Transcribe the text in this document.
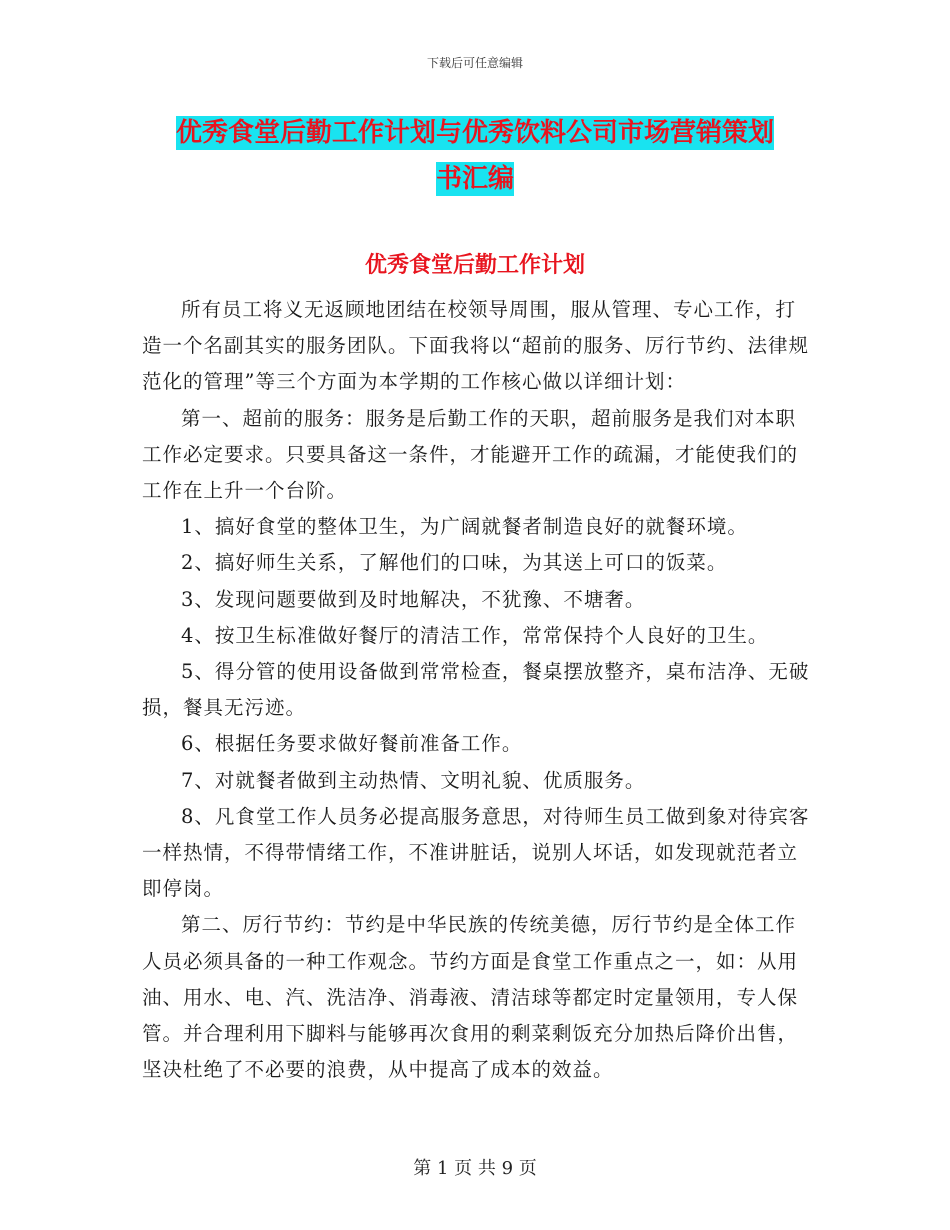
下载后可任意编辑
优秀食堂后勤工作计划与优秀饮料公司市场营销策划
书汇编
优秀食堂后勤工作计划

所有员工将义无返顾地团结在校领导周围，服从管理、专心工作，打造一个名副其实的服务团队。下面我将以“超前的服务、厉行节约、法律规范化的管理”等三个方面为本学期的工作核心做以详细计划：

第一、超前的服务：服务是后勤工作的天职，超前服务是我们对本职工作必定要求。只要具备这一条件，才能避开工作的疏漏，才能使我们的工作在上升一个台阶。

1、搞好食堂的整体卫生，为广阔就餐者制造良好的就餐环境。

2、搞好师生关系，了解他们的口味，为其送上可口的饭菜。

3、发现问题要做到及时地解决，不犹豫、不塘奢。

4、按卫生标准做好餐厅的清洁工作，常常保持个人良好的卫生。

5、得分管的使用设备做到常常检查，餐桌摆放整齐，桌布洁净、无破损，餐具无污迹。

6、根据任务要求做好餐前准备工作。

7、对就餐者做到主动热情、文明礼貌、优质服务。

8、凡食堂工作人员务必提高服务意思，对待师生员工做到象对待宾客一样热情，不得带情绪工作，不准讲脏话，说别人坏话，如发现就范者立即停岗。

第二、厉行节约：节约是中华民族的传统美德，厉行节约是全体工作人员必须具备的一种工作观念。节约方面是食堂工作重点之一，如：从用油、用水、电、汽、洗洁净、消毒液、清洁球等都定时定量领用，专人保管。并合理利用下脚料与能够再次食用的剩菜剩饭充分加热后降价出售，坚决杜绝了不必要的浪费，从中提高了成本的效益。

第 1 页 共 9 页
